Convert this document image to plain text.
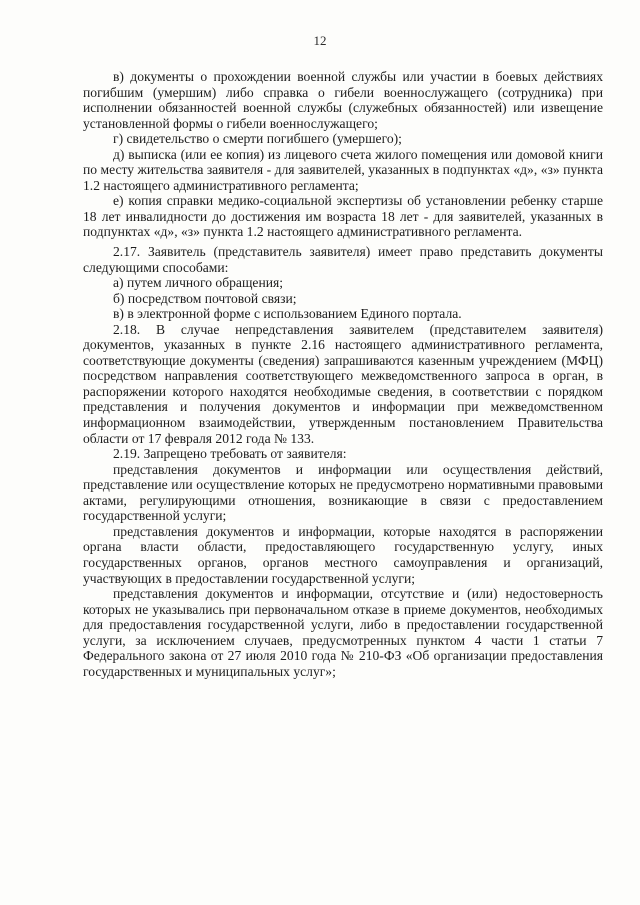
12

в) документы о прохождении военной службы или участии в боевых действиях погибшим (умершим) либо справка о гибели военнослужащего (сотрудника) при исполнении обязанностей военной службы (служебных обязанностей) или извещение установленной формы о гибели военнослужащего;

г) свидетельство о смерти погибшего (умершего);

д) выписка (или ее копия) из лицевого счета жилого помещения или домовой книги по месту жительства заявителя - для заявителей, указанных в подпунктах «д», «з» пункта 1.2 настоящего административного регламента;

е) копия справки медико-социальной экспертизы об установлении ребенку старше 18 лет инвалидности до достижения им возраста 18 лет - для заявителей, указанных в подпунктах «д», «з» пункта 1.2 настоящего административного регламента.

2.17. Заявитель (представитель заявителя) имеет право представить документы следующими способами:

а) путем личного обращения;

б) посредством почтовой связи;

в) в электронной форме с использованием Единого портала.

2.18. В случае непредставления заявителем (представителем заявителя) документов, указанных в пункте 2.16 настоящего административного регламента, соответствующие документы (сведения) запрашиваются казенным учреждением (МФЦ) посредством направления соответствующего межведомственного запроса в орган, в распоряжении которого находятся необходимые сведения, в соответствии с порядком представления и получения документов и информации при межведомственном информационном взаимодействии, утвержденным постановлением Правительства области от 17 февраля 2012 года № 133.

2.19. Запрещено требовать от заявителя:

представления документов и информации или осуществления действий, представление или осуществление которых не предусмотрено нормативными правовыми актами, регулирующими отношения, возникающие в связи с предоставлением государственной услуги;

представления документов и информации, которые находятся в распоряжении органа власти области, предоставляющего государственную услугу, иных государственных органов, органов местного самоуправления и организаций, участвующих в предоставлении государственной услуги;

представления документов и информации, отсутствие и (или) недостоверность которых не указывались при первоначальном отказе в приеме документов, необходимых для предоставления государственной услуги, либо в предоставлении государственной услуги, за исключением случаев, предусмотренных пунктом 4 части 1 статьи 7 Федерального закона от 27 июля 2010 года № 210-ФЗ «Об организации предоставления государственных и муниципальных услуг»;
